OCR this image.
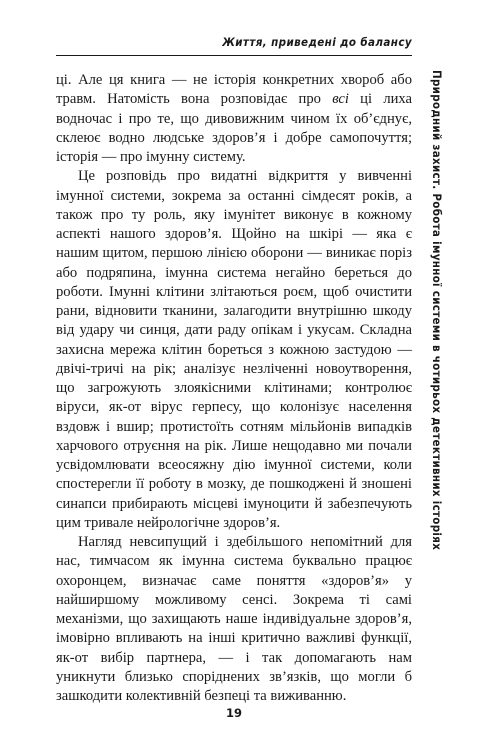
Життя, приведені до балансу

ці. Але ця книга — не історія конкретних хвороб або травм. Натомість вона розповідає про всі ці лиха водночас і про те, що дивовижним чином їх об’єднує, склеює водно людське здоров’я і добре самопочуття; історія — про імунну систему.

Це розповідь про видатні відкриття у вивченні імунної системи, зокрема за останні сімдесят років, а також про ту роль, яку імунітет виконує в кожному аспекті нашого здоров’я. Щойно на шкірі — яка є нашим щитом, першою лінією оборони — виникає поріз або подряпина, імунна система негайно береться до роботи. Імунні клітини злітаються роєм, щоб очистити рани, відновити тканини, залагодити внутрішню шкоду від удару чи синця, дати раду опікам і укусам. Складна захисна мережа клітин бореться з кожною застудою — двічі-тричі на рік; аналізує незліченні новоутворення, що загрожують злоякісними клітинами; контролює віруси, як-от вірус герпесу, що колонізує населення вздовж і вшир; протистоїть сотням мільйонів випадків харчового отруєння на рік. Лише нещодавно ми почали усвідомлювати всеосяжну дію імунної системи, коли спостерегли її роботу в мозку, де пошкоджені й зношені синапси прибирають місцеві імуноцити й забезпечують цим тривале нейрологічне здоров’я.

Нагляд невсипущий і здебільшого непомітний для нас, тимчасом як імунна система буквально працює охоронцем, визначає саме поняття «здоров’я» у найширшому можливому сенсі. Зокрема ті самі механізми, що захищають наше індивідуальне здоров’я, імовірно впливають на інші критично важливі функції, як-от вибір партнера, — і так допомагають нам уникнути близько споріднених зв’язків, що могли б зашкодити колективній безпеці та виживанню.

Природний захист. Робота імунної системи в чотирьох детективних історіях
19
